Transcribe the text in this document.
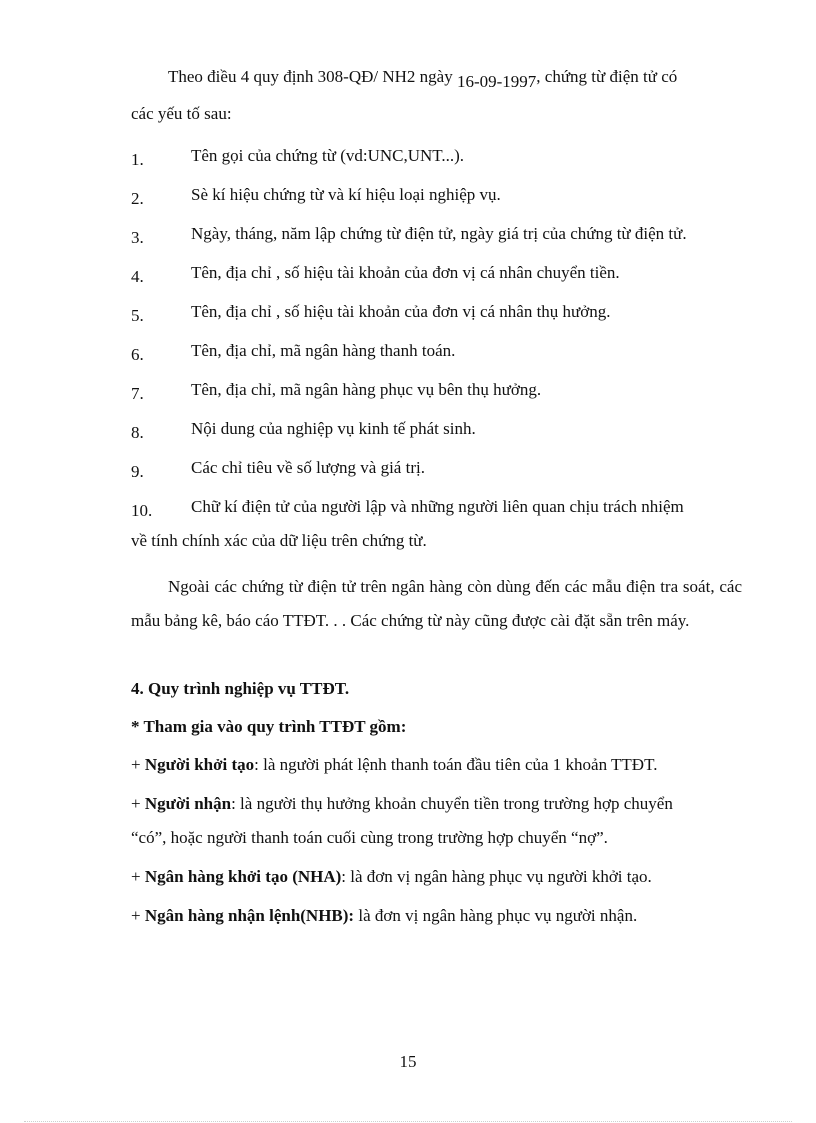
Theo điều 4 quy định 308-QĐ/ NH2 ngày 16-09-1997, chứng từ điện tử có
các yếu tố sau:
1.	Tên gọi của chứng từ (vd:UNC,UNT...).
2.	Sè kí hiệu chứng từ và kí hiệu loại nghiệp vụ.
3.	Ngày, tháng, năm lập chứng từ điện tử, ngày giá trị của chứng từ điện tử.
4.	Tên, địa chỉ , số hiệu tài khoản của đơn vị cá nhân chuyển tiền.
5.	Tên, địa chỉ , số hiệu tài khoản của đơn vị cá nhân thụ hưởng.
6.	Tên, địa chỉ, mã ngân hàng thanh toán.
7.	Tên, địa chỉ, mã ngân hàng phục vụ bên thụ hưởng.
8.	Nội dung của nghiệp vụ kinh tế phát sinh.
9.	Các chỉ tiêu về số lượng và giá trị.
10.	Chữ kí điện tử của người lập và những người liên quan chịu trách nhiệm
về tính chính xác của dữ liệu trên chứng từ.
Ngoài các chứng từ điện tử trên ngân hàng còn dùng đến các mẫu điện tra soát, các mẫu bảng kê, báo cáo TTĐT. . . Các chứng từ này cũng được cài đặt sẵn trên máy.
4. Quy trình nghiệp vụ TTĐT.
* Tham gia vào quy trình TTĐT gồm:
+ Người khởi tạo: là người phát lệnh thanh toán đầu tiên của 1 khoản TTĐT.
+ Người nhận: là người thụ hưởng khoản chuyển tiền trong trường hợp chuyển
“có”, hoặc người thanh toán cuối cùng trong trường hợp chuyển “nợ”.
+ Ngân hàng khởi tạo (NHA): là đơn vị ngân hàng phục vụ người khởi tạo.
+ Ngân hàng nhận lệnh(NHB): là đơn vị ngân hàng phục vụ người nhận.
15
